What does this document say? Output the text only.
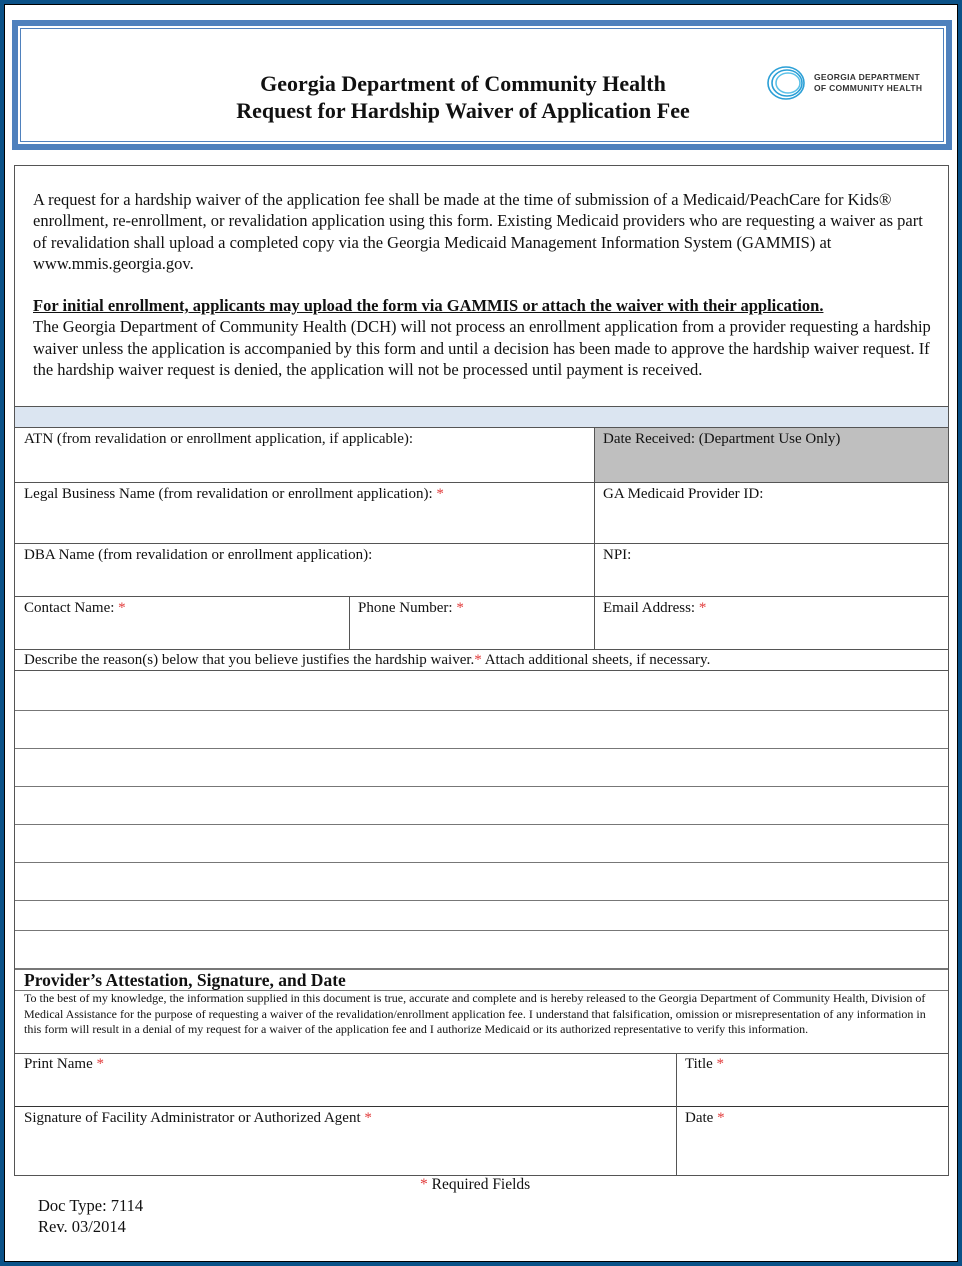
Georgia Department of Community Health
Request for Hardship Waiver of Application Fee
GEORGIA DEPARTMENT
OF COMMUNITY HEALTH

A request for a hardship waiver of the application fee shall be made at the time of submission of a Medicaid/PeachCare for Kids® enrollment, re-enrollment, or revalidation application using this form. Existing Medicaid providers who are requesting a waiver as part of revalidation shall upload a completed copy via the Georgia Medicaid Management Information System (GAMMIS) at www.mmis.georgia.gov.

For initial enrollment, applicants may upload the form via GAMMIS or attach the waiver with their application.

The Georgia Department of Community Health (DCH) will not process an enrollment application from a provider requesting a hardship waiver unless the application is accompanied by this form and until a decision has been made to approve the hardship waiver request. If the hardship waiver request is denied, the application will not be processed until payment is received.

ATN (from revalidation or enrollment application, if applicable):	Date Received: (Department Use Only)
Legal Business Name (from revalidation or enrollment application): *	GA Medicaid Provider ID:
DBA Name (from revalidation or enrollment application):	NPI:
Contact Name: *	Phone Number: *	Email Address: *
Describe the reason(s) below that you believe justifies the hardship waiver.* Attach additional sheets, if necessary.
Provider’s Attestation, Signature, and Date
To the best of my knowledge, the information supplied in this document is true, accurate and complete and is hereby released to the Georgia Department of Community Health, Division of Medical Assistance for the purpose of requesting a waiver of the revalidation/enrollment application fee. I understand that falsification, omission or misrepresentation of any information in this form will result in a denial of my request for a waiver of the application fee and I authorize Medicaid or its authorized representative to verify this information.
Print Name *	Title *
Signature of Facility Administrator or Authorized Agent *	Date *
* Required Fields
Doc Type: 7114
Rev. 03/2014
